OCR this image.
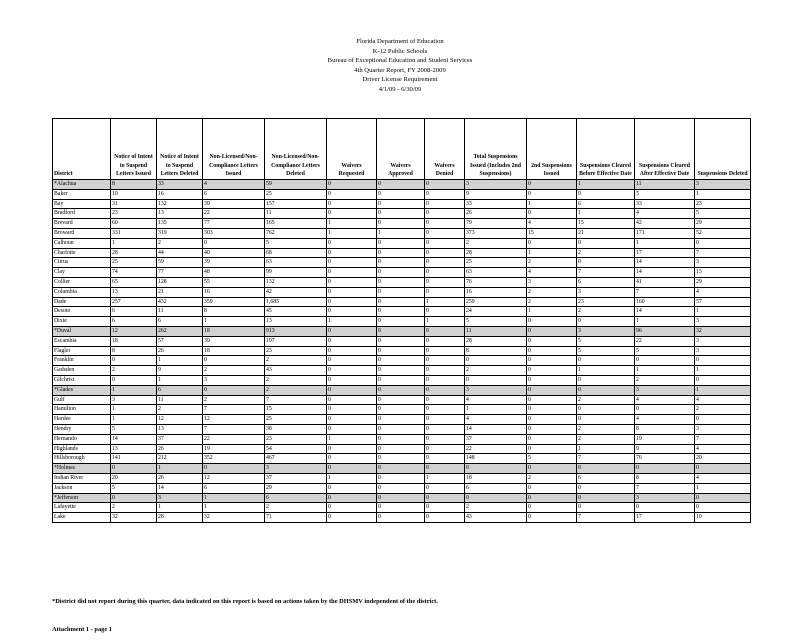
Florida Department of Education
K-12 Public Schools
Bureau of Exceptional Education and Student Services
4th Quarter Report, FY 2008-2009
Driver License Requirement
4/1/09 - 6/30/09
District	Notice of Intent to Suspend Letters Issued	Notice of Intent to Suspend Letters Deleted	Non-Licensed/Non-Compliance Letters Issued	Non-Licensed/Non-Compliance Letters Deleted	Waivers Requested	Waivers Approved	Waivers Denied	Total Suspensions Issued (Includes 2nd Suspensions)	2nd Suspensions Issued	Suspensions Cleared Before Effective Date	Suspensions Cleared After Effective Date	Suspensions Deleted
*Alachua	8	33	4	59	0	0	0	3	0	1	11	3
Baker	10	16	6	25	0	0	0	9	0	0	5	1
Bay	31	132	39	157	0	0	0	33	1	6	33	23
Bradford	23	13	22	11	0	0	0	26	0	1	4	5
Brevard	60	135	77	165	1	0	0	79	4	15	42	29
Broward	331	319	303	762	1	1	0	373	15	21	171	52
Calhoun	1	2	0	5	0	0	0	2	0	0	1	0
Charlotte	28	44	40	68	0	0	0	28	1	2	17	7
Citrus	25	59	39	63	0	0	0	25	2	0	14	3
Clay	74	77	48	99	0	0	0	63	4	7	14	13
Collier	65	128	55	132	0	0	0	76	3	6	41	29
Columbia	13	21	16	42	0	0	0	16	2	3	7	4
Dade	257	432	359	1,685	0	0	1	259	2	23	160	57
Desoto	6	11	8	45	0	0	0	24	1	2	14	1
Dixie	6	6	1	13	1	0	1	5	0	0	1	3
*Duval	12	262	18	913	0	0	0	11	0	3	96	32
Escambia	18	57	39	197	0	0	0	28	0	5	22	3
Flagler	8	26	18	23	0	0	0	8	0	5	5	3
Franklin	0	1	0	2	0	0	0	0	0	0	0	0
Gadsden	2	9	2	43	0	0	0	2	0	1	1	1
Gilchrist	0	1	3	2	0	0	0	0	0	0	2	0
*Glades	1	6	0	2	0	0	0	3	0	0	3	1
Gulf	3	11	2	7	0	0	0	4	0	2	4	4
Hamilton	1	2	7	15	0	0	0	1	0	0	0	2
Hardee	1	12	12	25	0	0	0	4	0	0	4	0
Hendry	5	13	7	38	0	0	0	14	0	2	8	3
Hernando	14	37	22	23	1	0	0	37	0	2	19	7
Highlands	13	26	19	54	0	0	0	22	0	1	9	4
Hillsborough	141	212	352	467	0	0	0	148	5	7	76	20
*Holmes	0	1	0	3	0	0	0	0	0	0	0	0
Indian River	20	26	12	37	1	0	1	18	2	6	8	4
Jackson	5	14	6	29	0	0	0	6	0	0	7	1
*Jefferson	0	3	1	6	0	0	0	0	0	0	3	0
Lafayette	2	1	1	2	0	0	0	2	0	0	0	0
Lake	32	28	32	71	0	0	0	43	0	7	17	10

*District did not report during this quarter, data indicated on this report is based on actions taken by the DHSMV independent of the district.

Attachment 1 - page 1
